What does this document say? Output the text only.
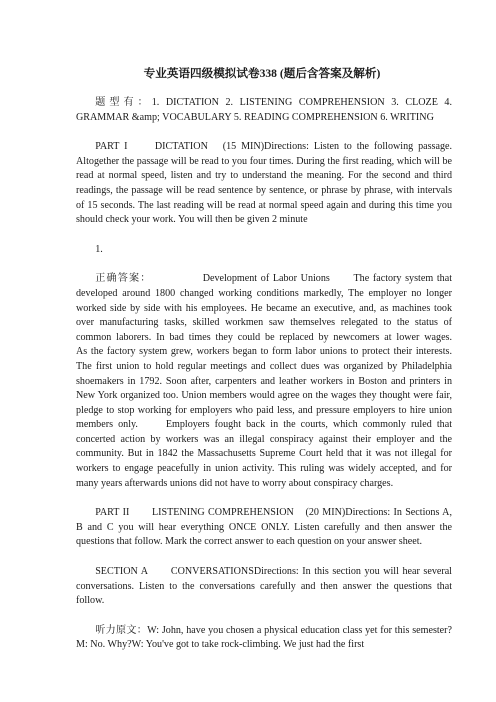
专业英语四级模拟试卷338 (题后含答案及解析)

题型有：1. DICTATION 2. LISTENING COMPREHENSION 3. CLOZE 4. GRAMMAR &amp; VOCABULARY 5. READING COMPREHENSION 6. WRITING

PART I　　DICTATION　(15 MIN)Directions: Listen to the following passage. Altogether the passage will be read to you four times. During the first reading, which will be read at normal speed, listen and try to understand the meaning. For the second and third readings, the passage will be read sentence by sentence, or phrase by phrase, with intervals of 15 seconds. The last reading will be read at normal speed again and during this time you should check your work. You will then be given 2 minute

1.

正确答案：　　　　　Development of Labor Unions　　The factory system that developed around 1800 changed working conditions markedly, The employer no longer worked side by side with his employees. He became an executive, and, as machines took over manufacturing tasks, skilled workmen saw themselves relegated to the status of common laborers. In bad times they could be replaced by newcomers at lower wages.　　As the factory system grew, workers began to form labor unions to protect their interests. The first union to hold regular meetings and collect dues was organized by Philadelphia shoemakers in 1792. Soon after, carpenters and leather workers in Boston and printers in New York organized too. Union members would agree on the wages they thought were fair, pledge to stop working for employers who paid less, and pressure employers to hire union members only.　　Employers fought back in the courts, which commonly ruled that concerted action by workers was an illegal conspiracy against their employer and the community. But in 1842 the Massachusetts Supreme Court held that it was not illegal for workers to engage peacefully in union activity. This ruling was widely accepted, and for many years afterwards unions did not have to worry about conspiracy charges.

PART II　　LISTENING COMPREHENSION　(20 MIN)Directions: In Sections A, B and C you will hear everything ONCE ONLY. Listen carefully and then answer the questions that follow. Mark the correct answer to each question on your answer sheet.

SECTION A　　CONVERSATIONSDirections: In this section you will hear several conversations. Listen to the conversations carefully and then answer the questions that follow.

听力原文：W: John, have you chosen a physical education class yet for this semester?M: No. Why?W: You've got to take rock-climbing. We just had the first
